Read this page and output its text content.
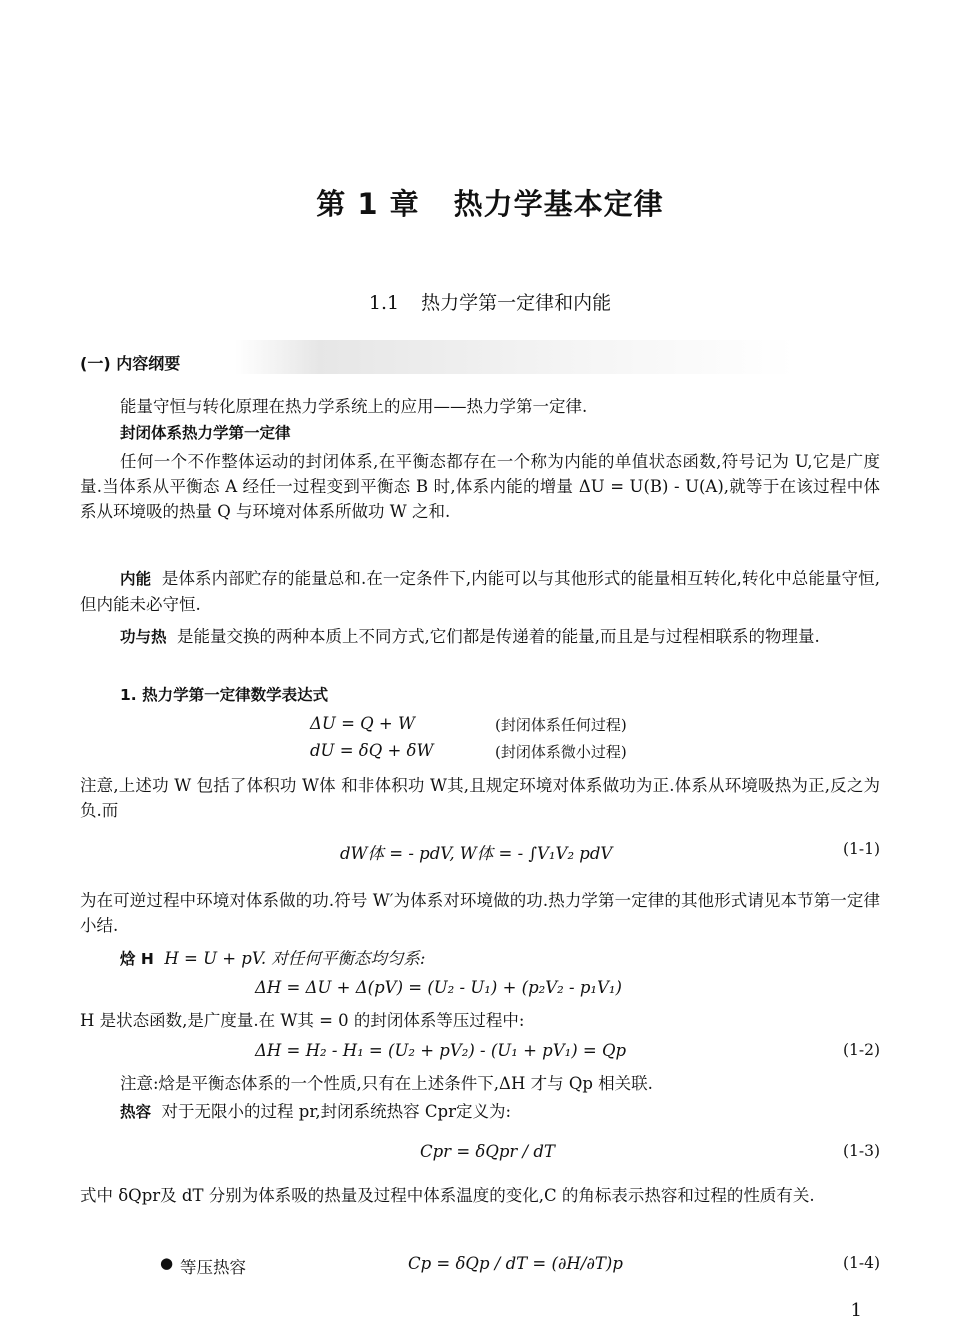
第 1 章 热力学基本定律
1.1 热力学第一定律和内能
(一) 内容纲要
能量守恒与转化原理在热力学系统上的应用——热力学第一定律.
封闭体系热力学第一定律
任何一个不作整体运动的封闭体系,在平衡态都存在一个称为内能的单值状态函数,符号记为 U,它是广度量.当体系从平衡态 A 经任一过程变到平衡态 B 时,体系内能的增量 ΔU = U(B) - U(A),就等于在该过程中体系从环境吸的热量 Q 与环境对体系所做功 W 之和.
内能 是体系内部贮存的能量总和.在一定条件下,内能可以与其他形式的能量相互转化,转化中总能量守恒,但内能未必守恒.
功与热 是能量交换的两种本质上不同方式,它们都是传递着的能量,而且是与过程相联系的物理量.
1. 热力学第一定律数学表达式
ΔU = Q + W	(封闭体系任何过程)
dU = δQ + δW	(封闭体系微小过程)
注意,上述功 W 包括了体积功 W体 和非体积功 W其,且规定环境对体系做功为正.体系从环境吸热为正,反之为负.而
dW体 = - pdV, W体 = - ∫V₁V₂ pdV	(1-1)
为在可逆过程中环境对体系做的功.符号 W′为体系对环境做的功.热力学第一定律的其他形式请见本节第一定律小结.
焓 H H = U + pV. 对任何平衡态均匀系:
ΔH = ΔU + Δ(pV) = (U₂ - U₁) + (p₂V₂ - p₁V₁)
H 是状态函数,是广度量.在 W其 = 0 的封闭体系等压过程中:
ΔH = H₂ - H₁ = (U₂ + pV₂) - (U₁ + pV₁) = Qp	(1-2)
注意:焓是平衡态体系的一个性质,只有在上述条件下,ΔH 才与 Qp 相关联.
热容 对于无限小的过程 pr,封闭系统热容 Cpr定义为:
Cpr = δQpr / dT	(1-3)
式中 δQpr及 dT 分别为体系吸的热量及过程中体系温度的变化,C 的角标表示热容和过程的性质有关.
● 等压热容	Cp = δQp / dT = (∂H/∂T)p	(1-4)
1
